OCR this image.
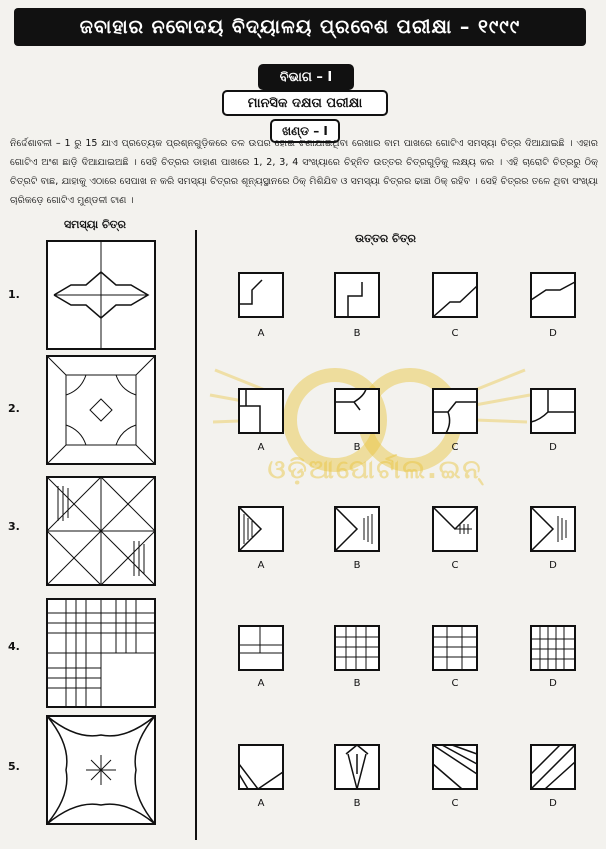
ଜବାହାର ନବୋଦୟ ବିଦ୍ୟାଳୟ ପ୍ରବେଶ ପରୀକ୍ଷା – ୧୯୯୯
ବିଭାଗ – I
ମାନସିକ ଦକ୍ଷତା ପରୀକ୍ଷା
ଖଣ୍ଡ – I
ନିର୍ଦ୍ଦେଶାବଳୀ – 1 ରୁ 15 ଯାଏ ପ୍ରତ୍ୟେକ ପ୍ରଶ୍ନଗୁଡ଼ିକରେ ତଳ ଉପର ହୋଇ ଟଣାଯାଇଥିବା ରେଖାର ବାମ ପାଖରେ ଗୋଟିଏ ସମସ୍ୟା ଚିତ୍ର ଦିଆଯାଇଛି । ଏହାର ଗୋଟିଏ ଅଂଶ ଛାଡ଼ି ଦିଆଯାଇଅଛି । ସେହି ଚିତ୍ରର ଡାହାଣ ପାଖରେ 1, 2, 3, 4 ସଂଖ୍ୟାରେ ଚିହ୍ନିତ ଉତ୍ତର ଚିତ୍ରଗୁଡ଼ିକୁ ଲକ୍ଷ୍ୟ କର । ଏହି ଚାରୋଟି ଚିତ୍ରରୁ ଠିକ୍ ଚିତ୍ରଟି ବାଛ, ଯାହାକୁ ଏଠାରେ ସେପାଖ ନ କରି ସମସ୍ୟା ଚିତ୍ରର ଶୂନ୍ୟସ୍ଥାନରେ ଠିକ୍ ମିଶିଯିବ ଓ ସମସ୍ୟା ଚିତ୍ରର ଢାଞ୍ଚା ଠିକ୍ ରହିବ । ସେହି ଚିତ୍ରର ତଳେ ଥିବା ସଂଖ୍ୟା ଚାରିକଡ଼େ ଗୋଟିଏ ମୁଣ୍ଡଳୀ ଟାଣ ।
ସମସ୍ୟା ଚିତ୍ର
ଉତ୍ତର ଚିତ୍ର
ଓଡ଼ିଆପୋର୍ଟାଲ.ଇନ୍
1.
A	B	C	D
2.
A	B	C	D
3.
A	B	C	D
4.
A	B	C	D
5.
A	B	C	D
